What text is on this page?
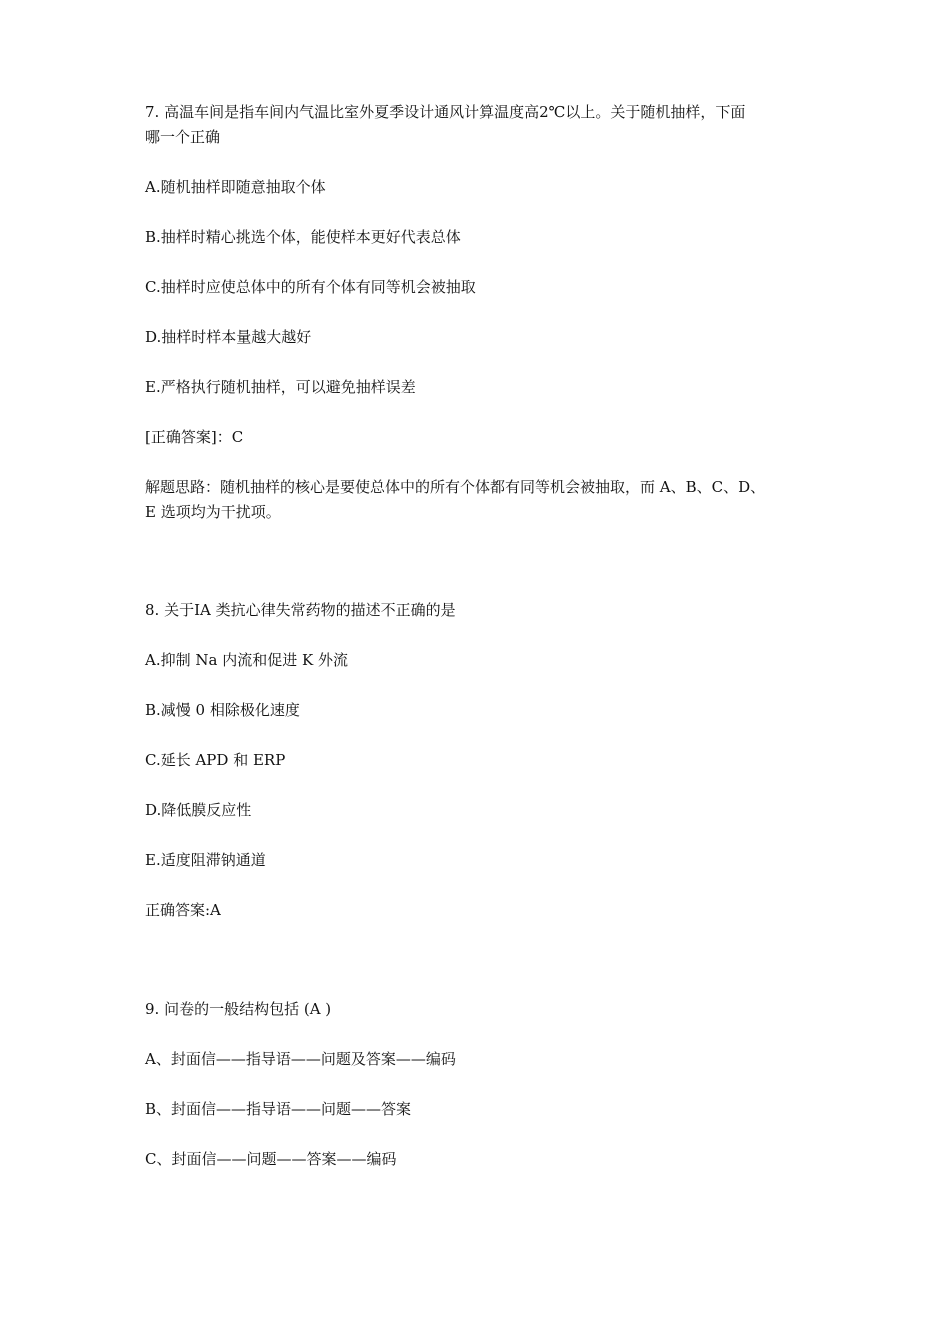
7. 高温车间是指车间内气温比室外夏季设计通风计算温度高2℃以上。关于随机抽样，下面
哪一个正确
A.随机抽样即随意抽取个体
B.抽样时精心挑选个体，能使样本更好代表总体
C.抽样时应使总体中的所有个体有同等机会被抽取
D.抽样时样本量越大越好
E.严格执行随机抽样，可以避免抽样误差
[正确答案]：C
解题思路：随机抽样的核心是要使总体中的所有个体都有同等机会被抽取，而 A、B、C、D、
E 选项均为干扰项。
8. 关于ⅠA 类抗心律失常药物的描述不正确的是
A.抑制 Na 内流和促进 K 外流
B.减慢 0 相除极化速度
C.延长 APD 和 ERP
D.降低膜反应性
E.适度阻滞钠通道
正确答案:A
9. 问卷的一般结构包括 (A )
A、封面信——指导语——问题及答案——编码
B、封面信——指导语——问题——答案
C、封面信——问题——答案——编码
